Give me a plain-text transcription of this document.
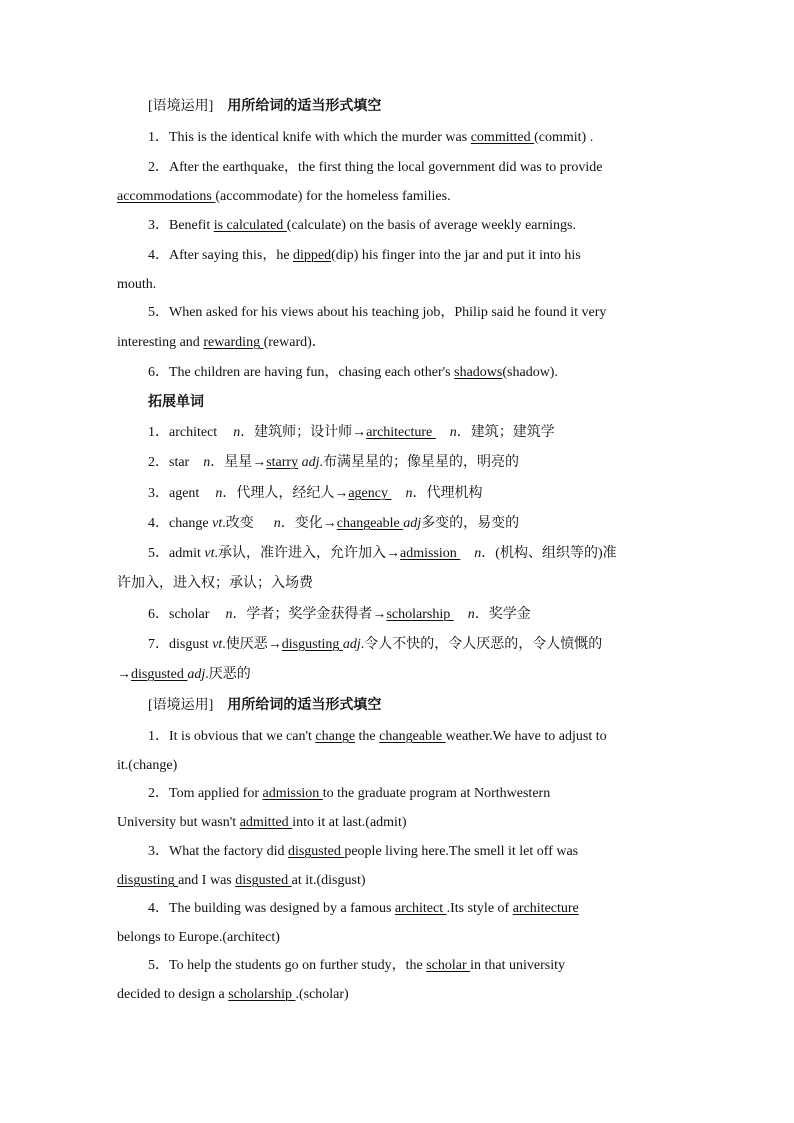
[语境运用] 用所给词的适当形式填空
1．This is the identical knife with which the murder was committed (commit) .
2．After the earthquake，the first thing the local government did was to provide
accommodations (accommodate) for the homeless families.
3．Benefit is calculated (calculate) on the basis of average weekly earnings.
4．After saying this，he dipped(dip) his finger into the jar and put it into his
mouth.
5．When asked for his views about his teaching job，Philip said he found it very
interesting and rewarding (reward)．
6．The children are having fun，chasing each other's shadows(shadow).
拓展单词
1．architect n．建筑师；设计师→architecture n．建筑；建筑学
2．star n．星星→starry adj.布满星星的；像星星的，明亮的
3．agent n．代理人，经纪人→agency n．代理机构
4．change vt.改变 n．变化→changeable adj多变的，易变的
5．admit vt.承认，准许进入，允许加入→admission n．(机构、组织等的)准
许加入，进入权；承认；入场费
6．scholar n．学者；奖学金获得者→scholarship n．奖学金
7．disgust vt.使厌恶→disgusting adj.令人不快的，令人厌恶的，令人愤慨的
→disgusted adj.厌恶的
[语境运用] 用所给词的适当形式填空
1．It is obvious that we can't change the changeable weather.We have to adjust to
it.(change)
2．Tom applied for admission to the graduate program at Northwestern
University but wasn't admitted into it at last.(admit)
3．What the factory did disgusted people living here.The smell it let off was
disgusting and I was disgusted at it.(disgust)
4．The building was designed by a famous architect .Its style of architecture
belongs to Europe.(architect)
5．To help the students go on further study，the scholar in that university
decided to design a scholarship .(scholar)
